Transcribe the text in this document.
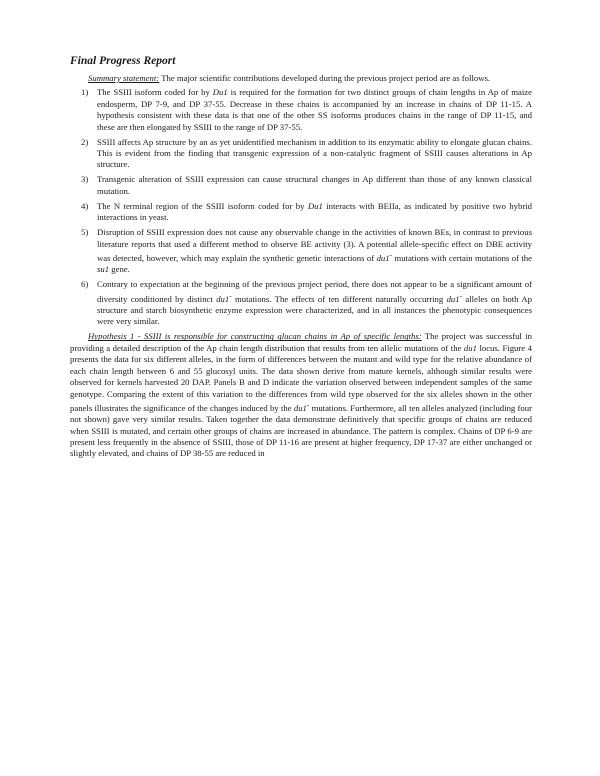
Final Progress Report

Summary statement: The major scientific contributions developed during the previous project period are as follows.

1) The SSIII isoform coded for by Du1 is required for the formation for two distinct groups of chain lengths in Ap of maize endosperm, DP 7-9, and DP 37-55. Decrease in these chains is accompanied by an increase in chains of DP 11-15. A hypothesis consistent with these data is that one of the other SS isoforms produces chains in the range of DP 11-15, and these are then elongated by SSIII to the range of DP 37-55.
2) SSIII affects Ap structure by an as yet unidentified mechanism in addition to its enzymatic ability to elongate glucan chains. This is evident from the finding that transgenic expression of a non-catalytic fragment of SSIII causes alterations in Ap structure.
3) Transgenic alteration of SSIII expression can cause structural changes in Ap different than those of any known classical mutation.
4) The N terminal region of the SSIII isoform coded for by Du1 interacts with BEIIa, as indicated by positive two hybrid interactions in yeast.
5) Disruption of SSIII expression does not cause any observable change in the activities of known BEs, in contrast to previous literature reports that used a different method to observe BE activity (3). A potential allele-specific effect on DBE activity was detected, however, which may explain the synthetic genetic interactions of du1- mutations with certain mutations of the su1 gene.
6) Contrary to expectation at the beginning of the previous project period, there does not appear to be a significant amount of diversity conditioned by distinct du1- mutations. The effects of ten different naturally occurring du1- alleles on both Ap structure and starch biosynthetic enzyme expression were characterized, and in all instances the phenotypic consequences were very similar.

Hypothesis 1 - SSIII is responsible for constructing glucan chains in Ap of specific lengths: The project was successful in providing a detailed description of the Ap chain length distribution that results from ten allelic mutations of the du1 locus. Figure 4 presents the data for six different alleles, in the form of differences between the mutant and wild type for the relative abundance of each chain length between 6 and 55 glucosyl units. The data shown derive from mature kernels, although similar results were observed for kernels harvested 20 DAP. Panels B and D indicate the variation observed between independent samples of the same genotype. Comparing the extent of this variation to the differences from wild type observed for the six alleles shown in the other panels illustrates the significance of the changes induced by the du1- mutations. Furthermore, all ten alleles analyzed (including four not shown) gave very similar results. Taken together the data demonstrate definitively that specific groups of chains are reduced when SSIII is mutated, and certain other groups of chains are increased in abundance. The pattern is complex. Chains of DP 6-9 are present less frequently in the absence of SSIII, those of DP 11-16 are present at higher frequency, DP 17-37 are either unchanged or slightly elevated, and chains of DP 38-55 are reduced in
